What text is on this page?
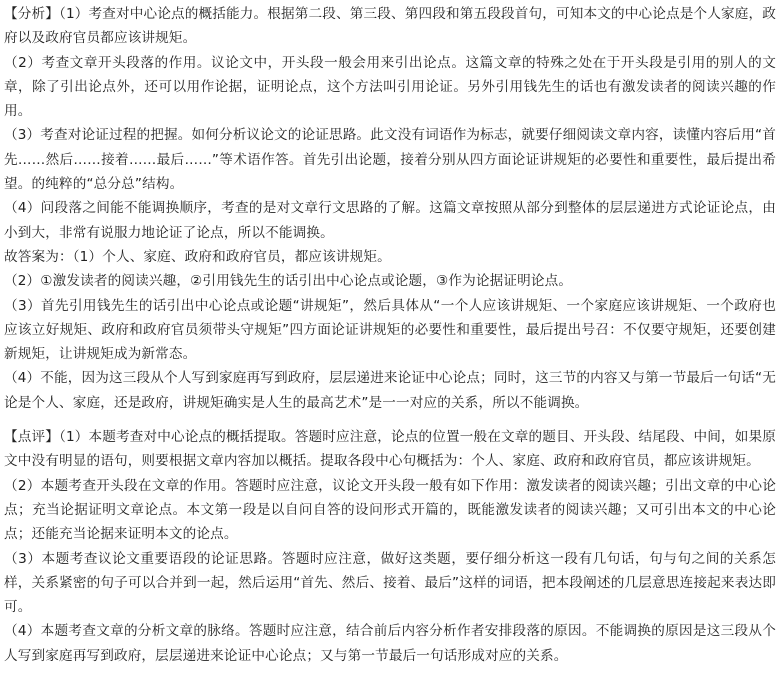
【分析】（1）考查对中心论点的概括能力。根据第二段、第三段、第四段和第五段段首句，可知本文的中心论点是个人家庭，政府以及政府官员都应该讲规矩。

（2）考查文章开头段落的作用。议论文中，开头段一般会用来引出论点。这篇文章的特殊之处在于开头段是引用的别人的文章，除了引出论点外，还可以用作论据，证明论点，这个方法叫引用论证。另外引用钱先生的话也有激发读者的阅读兴趣的作用。

（3）考查对论证过程的把握。如何分析议论文的论证思路。此文没有词语作为标志，就要仔细阅读文章内容，读懂内容后用“首先……然后……接着……最后……”等术语作答。首先引出论题，接着分别从四方面论证讲规矩的必要性和重要性，最后提出希望。的纯粹的“总分总”结构。

（4）问段落之间能不能调换顺序，考查的是对文章行文思路的了解。这篇文章按照从部分到整体的层层递进方式论证论点，由小到大，非常有说服力地论证了论点，所以不能调换。

故答案为：（1）个人、家庭、政府和政府官员，都应该讲规矩。

（2）①激发读者的阅读兴趣，②引用钱先生的话引出中心论点或论题，③作为论据证明论点。

（3）首先引用钱先生的话引出中心论点或论题“讲规矩”，然后具体从“一个人应该讲规矩、一个家庭应该讲规矩、一个政府也应该立好规矩、政府和政府官员须带头守规矩”四方面论证讲规矩的必要性和重要性，最后提出号召：不仅要守规矩，还要创建新规矩，让讲规矩成为新常态。

（4）不能，因为这三段从个人写到家庭再写到政府，层层递进来论证中心论点；同时，这三节的内容又与第一节最后一句话“无论是个人、家庭，还是政府，讲规矩确实是人生的最高艺术”是一一对应的关系，所以不能调换。

【点评】（1）本题考查对中心论点的概括提取。答题时应注意，论点的位置一般在文章的题目、开头段、结尾段、中间，如果原文中没有明显的语句，则要根据文章内容加以概括。提取各段中心句概括为：个人、家庭、政府和政府官员，都应该讲规矩。

（2）本题考查开头段在文章的作用。答题时应注意，议论文开头段一般有如下作用：激发读者的阅读兴趣；引出文章的中心论点；充当论据证明文章论点。本文第一段是以自问自答的设问形式开篇的，既能激发读者的阅读兴趣；又可引出本文的中心论点；还能充当论据来证明本文的论点。

（3）本题考查议论文重要语段的论证思路。答题时应注意，做好这类题，要仔细分析这一段有几句话，句与句之间的关系怎样，关系紧密的句子可以合并到一起，然后运用“首先、然后、接着、最后”这样的词语，把本段阐述的几层意思连接起来表达即可。

（4）本题考查文章的分析文章的脉络。答题时应注意，结合前后内容分析作者安排段落的原因。不能调换的原因是这三段从个人写到家庭再写到政府，层层递进来论证中心论点；又与第一节最后一句话形成对应的关系。
